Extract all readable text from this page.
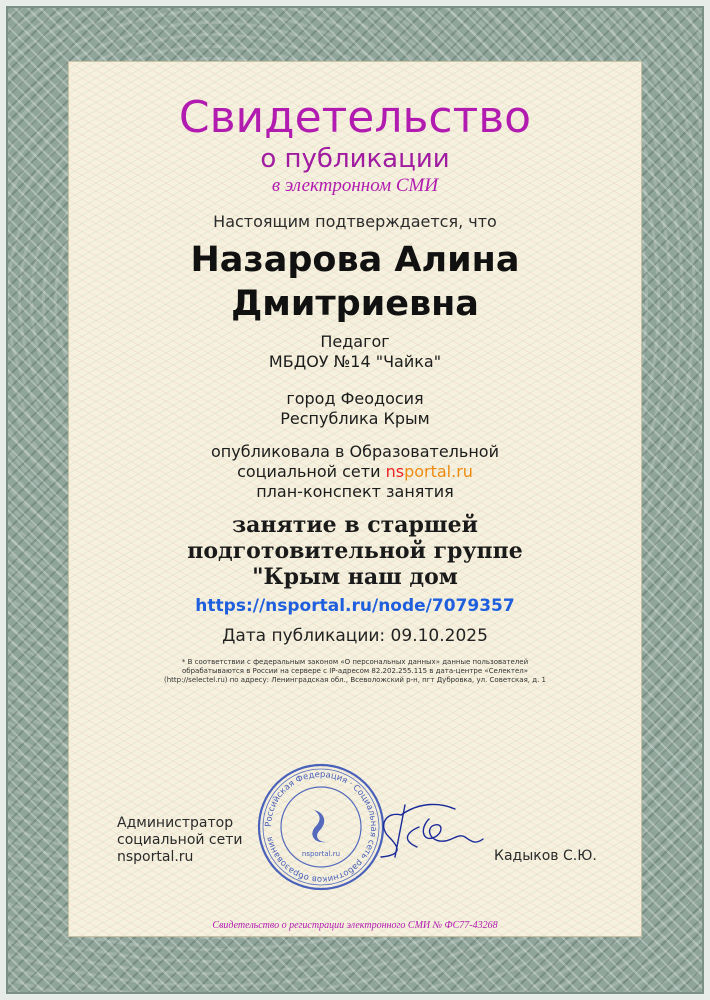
Свидетельство
о публикации
в электронном СМИ
Настоящим подтверждается, что
Назарова Алина
Дмитриевна
Педагог
МБДОУ №14 "Чайка"
город Феодосия
Республика Крым
опубликовала в Образовательной
социальной сети nsportal.ru
план-конспект занятия
занятие в старшей
подготовительной группе
"Крым наш дом
https://nsportal.ru/node/7079357
Дата публикации: 09.10.2025
* В соответствии с федеральным законом «О персональных данных» данные пользователей обрабатываются в России на сервере с IP-адресом 82.202.255.115 в дата-центре «Селектел» (http://selectel.ru) по адресу: Ленинградская обл., Всеволожский р-н, пгт Дубровка, ул. Советская, д. 1
Администратор
социальной сети
nsportal.ru
Российская Федерация · Социальная сеть работников образования
nsportal.ru	Кадыков С.Ю.
Свидетельство о регистрации электронного СМИ № ФС77-43268
